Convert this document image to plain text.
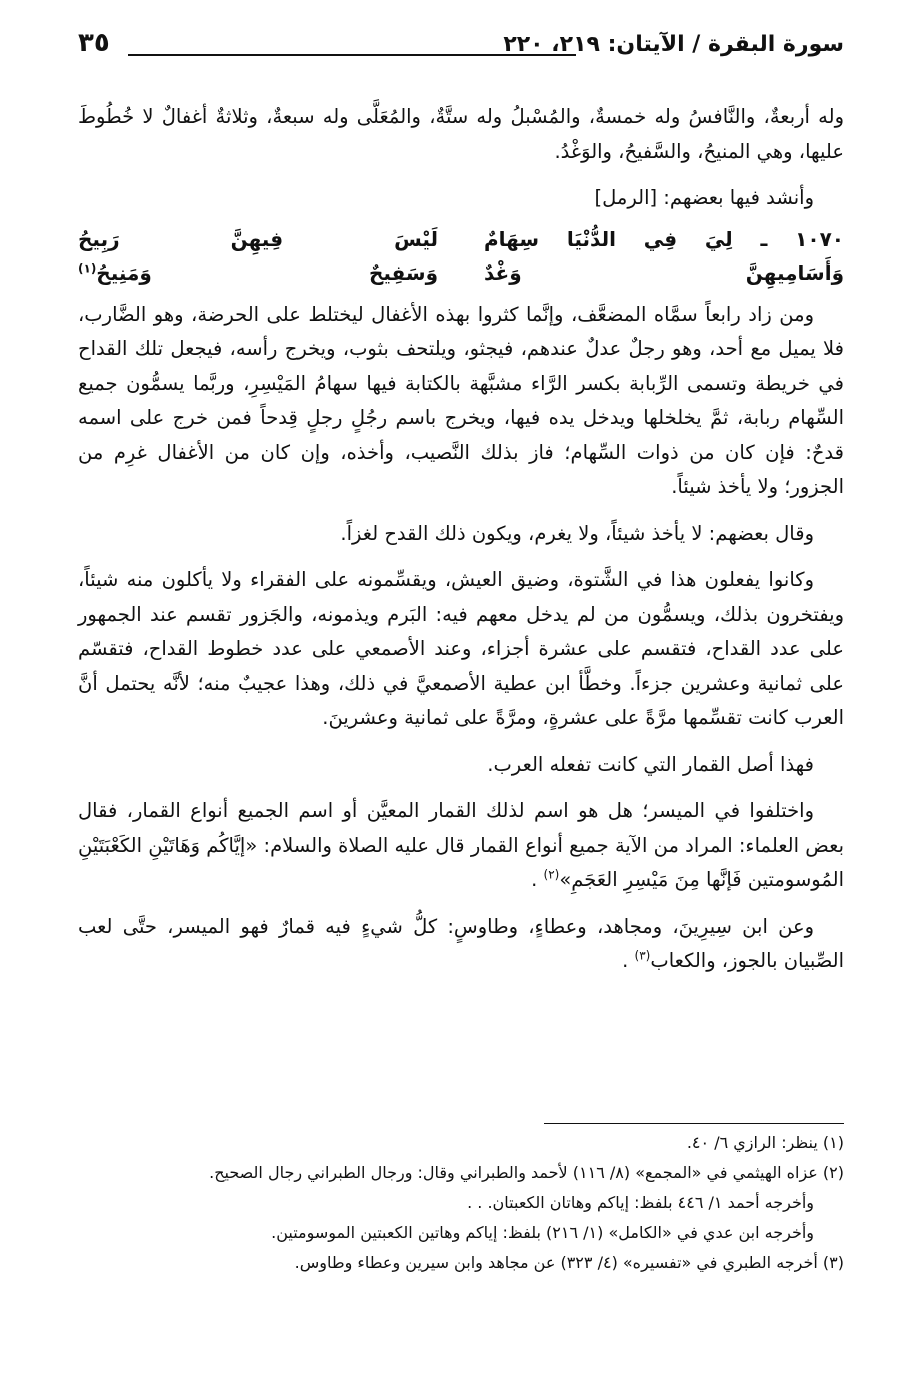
سورة البقرة / الآيتان: ٢١٩، ٢٢٠
٣٥

وله أربعةٌ، والنَّافسُ وله خمسةٌ، والمُسْبلُ وله ستَّةٌ، والمُعَلَّى وله سبعةٌ، وثلاثةٌ أغفالٌ لا خُطُوطَ عليها، وهي المنيحُ، والسَّفيحُ، والوَغْدُ.

وأنشد فيها بعضهم: [الرمل]

١٠٧٠ ـ لِيَ فِي الدُّنْيَا سِهَامٌ
لَيْسَ فِيهِنَّ رَبِيحُ
وَأَسَامِيهِنَّ وَغْدٌ
وَسَفِيحٌ وَمَنِيحُ$^{(١)}$

ومن زاد رابعاً سمَّاه المضعَّف، وإنَّما كثروا بهذه الأغفال ليختلط على الحرضة، وهو الضَّارب، فلا يميل مع أحد، وهو رجلٌ عدلٌ عندهم، فيجثو، ويلتحف بثوب، ويخرج رأسه، فيجعل تلك القداح في خريطة وتسمى الرِّبابة بكسر الرَّاء مشبَّهة بالكتابة فيها سهامُ المَيْسِرِ، وربَّما يسمُّون جميع السِّهام ربابة، ثمَّ يخلخلها ويدخل يده فيها، ويخرج باسم رجُلٍ رجلٍ قِدحاً فمن خرج على اسمه قدحٌ: فإن كان من ذوات السِّهام؛ فاز بذلك النَّصيب، وأخذه، وإن كان من الأغفال غرِم من الجزور؛ ولا يأخذ شيئاً.

وقال بعضهم: لا يأخذ شيئاً، ولا يغرم، ويكون ذلك القدح لغزاً.

وكانوا يفعلون هذا في الشَّتوة، وضيق العيش، ويقسِّمونه على الفقراء ولا يأكلون منه شيئاً، ويفتخرون بذلك، ويسمُّون من لم يدخل معهم فيه: البَرم ويذمونه، والجَزور تقسم عند الجمهور على عدد القداح، فتقسم على عشرة أجزاء، وعند الأصمعي على عدد خطوط القداح، فتقسّم على ثمانية وعشرين جزءاً. وخطَّأ ابن عطية الأصمعيَّ في ذلك، وهذا عجيبٌ منه؛ لأنَّه يحتمل أنَّ العرب كانت تقسِّمها مرَّةً على عشرةٍ، ومرَّةً على ثمانية وعشرينَ.

فهذا أصل القمار التي كانت تفعله العرب.

واختلفوا في الميسر؛ هل هو اسم لذلك القمار المعيَّن أو اسم الجميع أنواع القمار، فقال بعض العلماء: المراد من الآية جميع أنواع القمار قال عليه الصلاة والسلام: «إيَّاكُم وَهَاتَيْنِ الكَعْبَتَيْنِ المُوسومتين فَإنَّها مِنَ مَيْسِرِ العَجَمِ»$^{(٢)}$ .

وعن ابن سِيرِينَ، ومجاهد، وعطاءٍ، وطاوسٍ: كلُّ شيءٍ فيه قمارٌ فهو الميسر، حتَّى لعب الصِّبيان بالجوز، والكعاب$^{(٣)}$ .

(١) ينظر: الرازي ٦/ ٤٠.

(٢) عزاه الهيثمي في «المجمع» (٨/ ١١٦) لأحمد والطبراني وقال: ورجال الطبراني رجال الصحيح.

وأخرجه أحمد ١/ ٤٤٦ بلفظ: إياكم وهاتان الكعبتان. . .

وأخرجه ابن عدي في «الكامل» (١/ ٢١٦) بلفظ: إياكم وهاتين الكعبتين الموسومتين.

(٣) أخرجه الطبري في «تفسيره» (٤/ ٣٢٣) عن مجاهد وابن سيرين وعطاء وطاوس.
